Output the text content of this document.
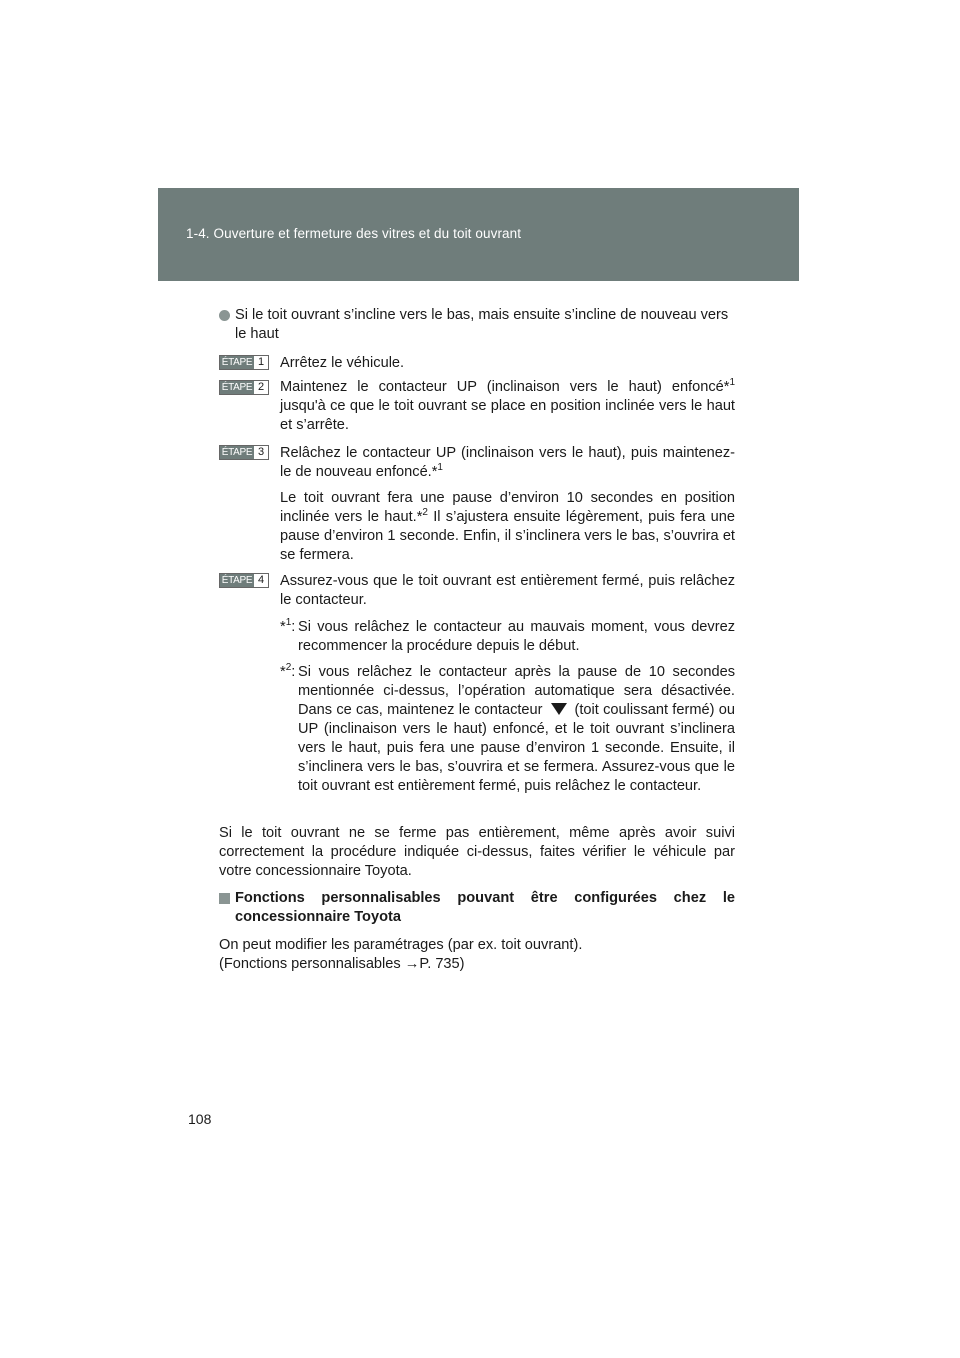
1-4. Ouverture et fermeture des vitres et du toit ouvrant
Si le toit ouvrant s’incline vers le bas, mais ensuite s’incline de nouveau vers le haut
ÉTAPE 1 Arrêtez le véhicule.
ÉTAPE 2 Maintenez le contacteur UP (inclinaison vers le haut) enfoncé*$^1$ jusqu'à ce que le toit ouvrant se place en position inclinée vers le haut et s’arrête.
ÉTAPE 3 Relâchez le contacteur UP (inclinaison vers le haut), puis maintenez-le de nouveau enfoncé.*$^1$
Le toit ouvrant fera une pause d’environ 10 secondes en position inclinée vers le haut.*$^2$ Il s’ajustera ensuite légèrement, puis fera une pause d’environ 1 seconde. Enfin, il s’inclinera vers le bas, s’ouvrira et se fermera.
ÉTAPE 4 Assurez-vous que le toit ouvrant est entièrement fermé, puis relâchez le contacteur.
*$^1$: Si vous relâchez le contacteur au mauvais moment, vous devrez recommencer la procédure depuis le début.
*$^2$: Si vous relâchez le contacteur après la pause de 10 secondes mentionnée ci-dessus, l’opération automatique sera désactivée. Dans ce cas, maintenez le contacteur (toit coulissant fermé) ou UP (inclinaison vers le haut) enfoncé, et le toit ouvrant s’inclinera vers le haut, puis fera une pause d’environ 1 seconde. Ensuite, il s’inclinera vers le bas, s’ouvrira et se fermera. Assurez-vous que le toit ouvrant est entièrement fermé, puis relâchez le contacteur.
Si le toit ouvrant ne se ferme pas entièrement, même après avoir suivi correctement la procédure indiquée ci-dessus, faites vérifier le véhicule par votre concessionnaire Toyota.
Fonctions personnalisables pouvant être configurées chez le concessionnaire Toyota
On peut modifier les paramétrages (par ex. toit ouvrant).
(Fonctions personnalisables →P. 735)
108
